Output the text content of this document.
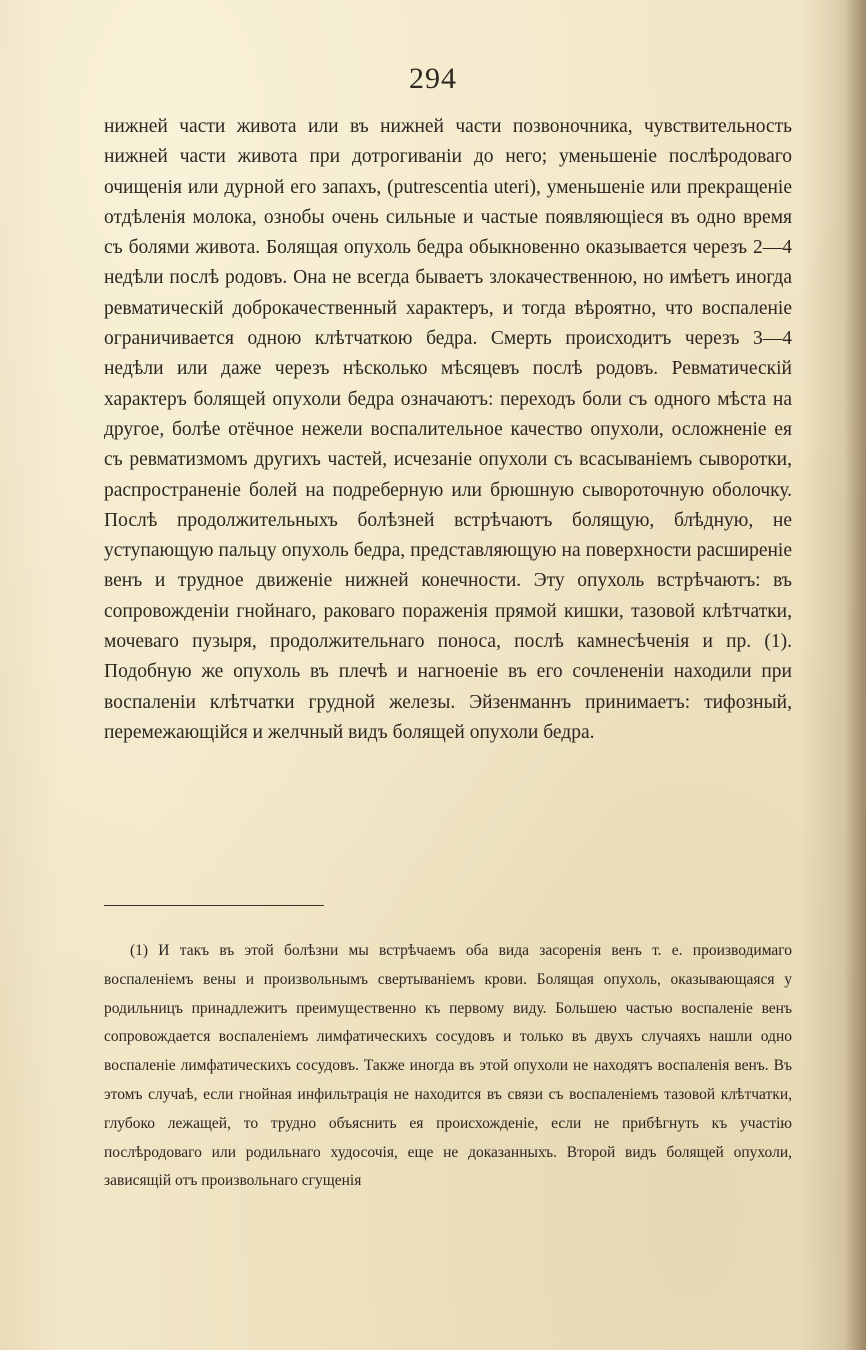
294

нижней части живота или въ нижней части позвоночника, чувствительность нижней части живота при дотрогиваніи до него; уменьшеніе послѣродоваго очищенія или дурной его запахъ, (putrescentia uteri), уменьшеніе или прекращеніе отдѣленія молока, ознобы очень сильные и частые появляющіеся въ одно время съ болями живота. Болящая опухоль бедра обыкновенно оказывается черезъ 2—4 недѣли послѣ родовъ. Она не всегда бываетъ злокачественною, но имѣетъ иногда ревматическій доброкачественный характеръ, и тогда вѣроятно, что воспаленіе ограничивается одною клѣтчаткою бедра. Смерть происходитъ черезъ 3—4 недѣли или даже черезъ нѣсколько мѣсяцевъ послѣ родовъ. Ревматическій характеръ болящей опухоли бедра означаютъ: переходъ боли съ одного мѣста на другое, болѣе отёчное нежели воспалительное качество опухоли, осложненіе ея съ ревматизмомъ другихъ частей, исчезаніе опухоли съ всасываніемъ сыворотки, распространеніе болей на подреберную или брюшную сывороточную оболочку. Послѣ продолжительныхъ болѣзней встрѣчаютъ болящую, блѣдную, не уступающую пальцу опухоль бедра, представляющую на поверхности расширеніе венъ и трудное движеніе нижней конечности. Эту опухоль встрѣчаютъ: въ сопровожденіи гнойнаго, раковаго пораженія прямой кишки, тазовой клѣтчатки, мочеваго пузыря, продолжительнаго поноса, послѣ камнесѣченія и пр. (1). Подобную же опухоль въ плечѣ и нагноеніе въ его сочлененіи находили при воспаленіи клѣтчатки грудной железы. Эйзенманнъ принимаетъ: тифозный, перемежающійся и желчный видъ болящей опухоли бедра.

(1) И такъ въ этой болѣзни мы встрѣчаемъ оба вида засоренія венъ т. е. производимаго воспаленіемъ вены и произвольнымъ свертываніемъ крови. Болящая опухоль, оказывающаяся у родильницъ принадлежитъ преимущественно къ первому виду. Большею частью воспаленіе венъ сопровождается воспаленіемъ лимфатическихъ сосудовъ и только въ двухъ случаяхъ нашли одно воспаленіе лимфатическихъ сосудовъ. Также иногда въ этой опухоли не находятъ воспаленія венъ. Въ этомъ случаѣ, если гнойная инфильтрація не находится въ связи съ воспаленіемъ тазовой клѣтчатки, глубоко лежащей, то трудно объяснить ея происхожденіе, если не прибѣгнуть къ участію послѣродоваго или родильнаго худосочія, еще не доказанныхъ. Второй видъ болящей опухоли, зависящій отъ произвольнаго сгущенія
